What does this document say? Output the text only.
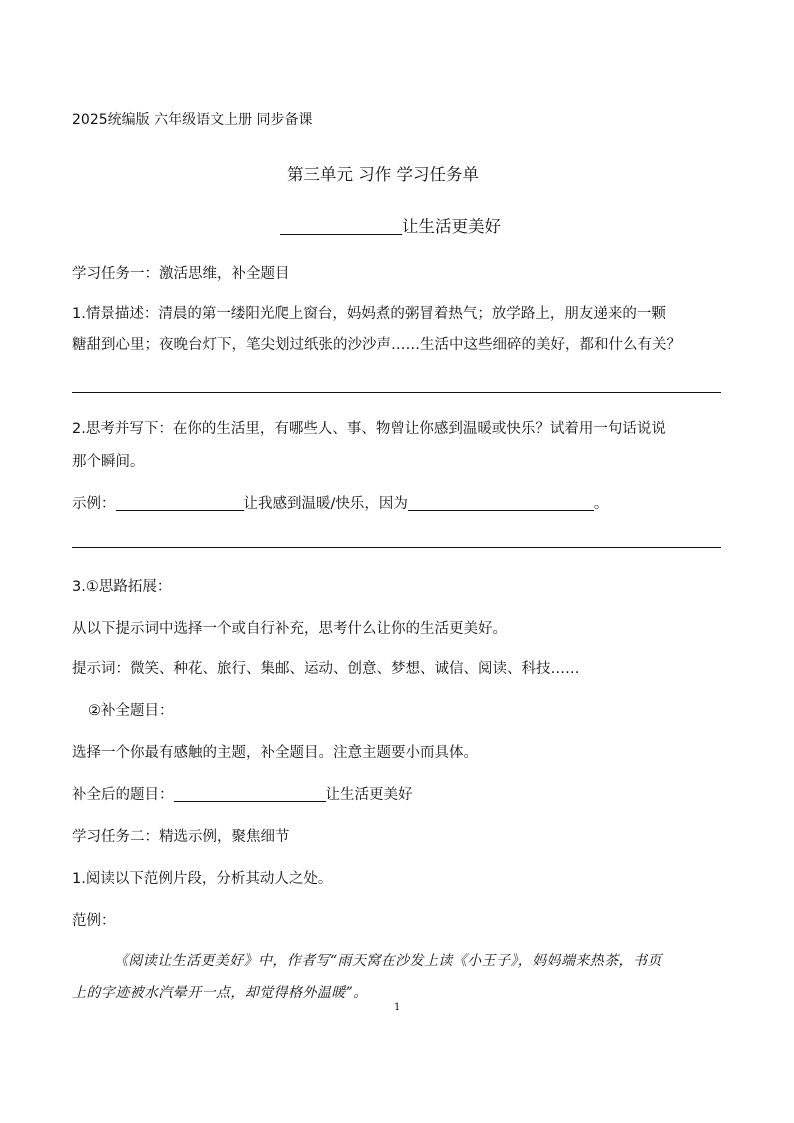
2025统编版 六年级语文上册 同步备课
第三单元 习作 学习任务单
让生活更美好
学习任务一：激活思维，补全题目
1.情景描述：清晨的第一缕阳光爬上窗台，妈妈煮的粥冒着热气；放学路上，朋友递来的一颗
糖甜到心里；夜晚台灯下，笔尖划过纸张的沙沙声……生活中这些细碎的美好，都和什么有关？
2.思考并写下：在你的生活里，有哪些人、事、物曾让你感到温暖或快乐？试着用一句话说说
那个瞬间。
示例：	让我感到温暖/快乐，因为	。
3.①思路拓展：
从以下提示词中选择一个或自行补充，思考什么让你的生活更美好。
提示词：微笑、种花、旅行、集邮、运动、创意、梦想、诚信、阅读、科技……
②补全题目：
选择一个你最有感触的主题，补全题目。注意主题要小而具体。
补全后的题目：	让生活更美好
学习任务二：精选示例，聚焦细节
1.阅读以下范例片段，分析其动人之处。
范例：
《阅读让生活更美好》中，作者写“雨天窝在沙发上读《小王子》，妈妈端来热茶，书页
上的字迹被水汽晕开一点，却觉得格外温暖”。
1
